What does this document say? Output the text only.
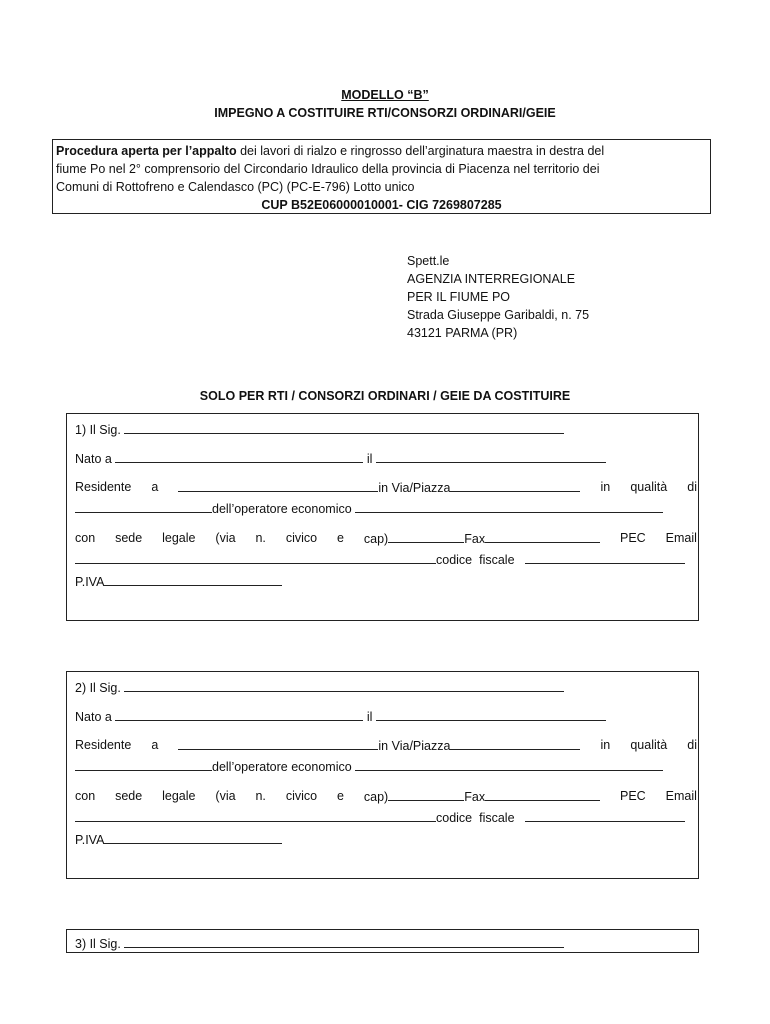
MODELLO “B”
IMPEGNO A COSTITUIRE RTI/CONSORZI ORDINARI/GEIE
Procedura aperta per l’appalto dei lavori di rialzo e ringrosso dell’arginatura maestra in destra del
fiume Po nel 2° comprensorio del Circondario Idraulico della provincia di Piacenza nel territorio dei
Comuni di Rottofreno e Calendasco (PC) (PC-E-796) Lotto unico
CUP B52E06000010001- CIG 7269807285
Spett.le
AGENZIA INTERREGIONALE
PER IL FIUME PO
Strada Giuseppe Garibaldi, n. 75
43121 PARMA (PR)
SOLO PER RTI / CONSORZI ORDINARI / GEIE DA COSTITUIRE
1) Il Sig.
Nato a	il
Residente a	in Via/Piazza	in qualità di
dell’operatore economico
con sede legale (via n. civico e cap)	Fax	PEC Email
codice fiscale
P.IVA
2) Il Sig.
Nato a	il
Residente a	in Via/Piazza	in qualità di
dell’operatore economico
con sede legale (via n. civico e cap)	Fax	PEC Email
codice fiscale
P.IVA
3) Il Sig.
